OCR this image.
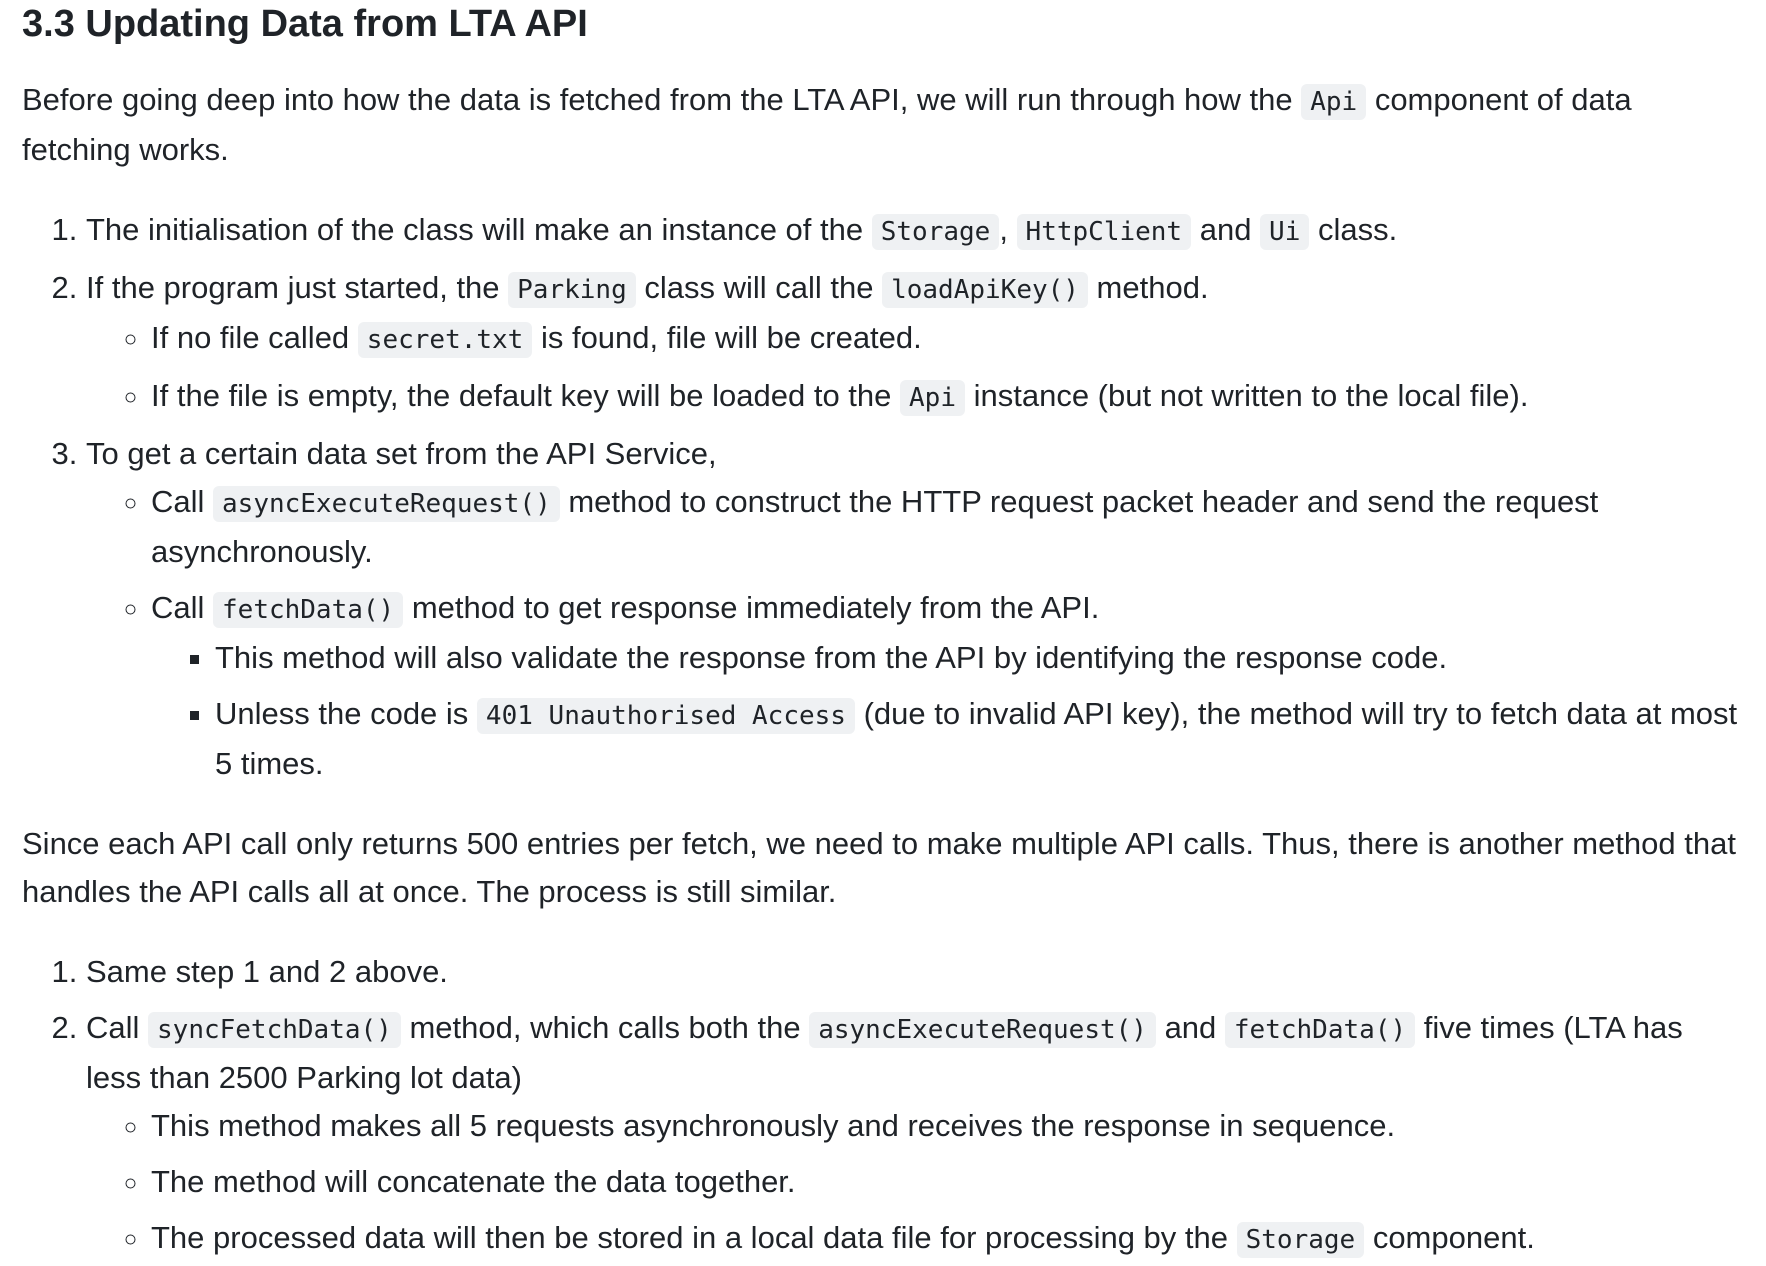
3.3 Updating Data from LTA API

Before going deep into how the data is fetched from the LTA API, we will run through how the Api component of data fetching works.

1. The initialisation of the class will make an instance of the Storage , HttpClient and Ui class.
2. If the program just started, the Parking class will call the loadApiKey() method.
◦ If no file called secret.txt is found, file will be created.
◦ If the file is empty, the default key will be loaded to the Api instance (but not written to the local file).
3. To get a certain data set from the API Service,
◦ Call asyncExecuteRequest() method to construct the HTTP request packet header and send the request asynchronously.
◦ Call fetchData() method to get response immediately from the API.
▪ This method will also validate the response from the API by identifying the response code.
▪ Unless the code is 401 Unauthorised Access (due to invalid API key), the method will try to fetch data at most 5 times.

Since each API call only returns 500 entries per fetch, we need to make multiple API calls. Thus, there is another method that handles the API calls all at once. The process is still similar.

1. Same step 1 and 2 above.
2. Call syncFetchData() method, which calls both the asyncExecuteRequest() and fetchData() five times (LTA has less than 2500 Parking lot data)
◦ This method makes all 5 requests asynchronously and receives the response in sequence.
◦ The method will concatenate the data together.
◦ The processed data will then be stored in a local data file for processing by the Storage component.
